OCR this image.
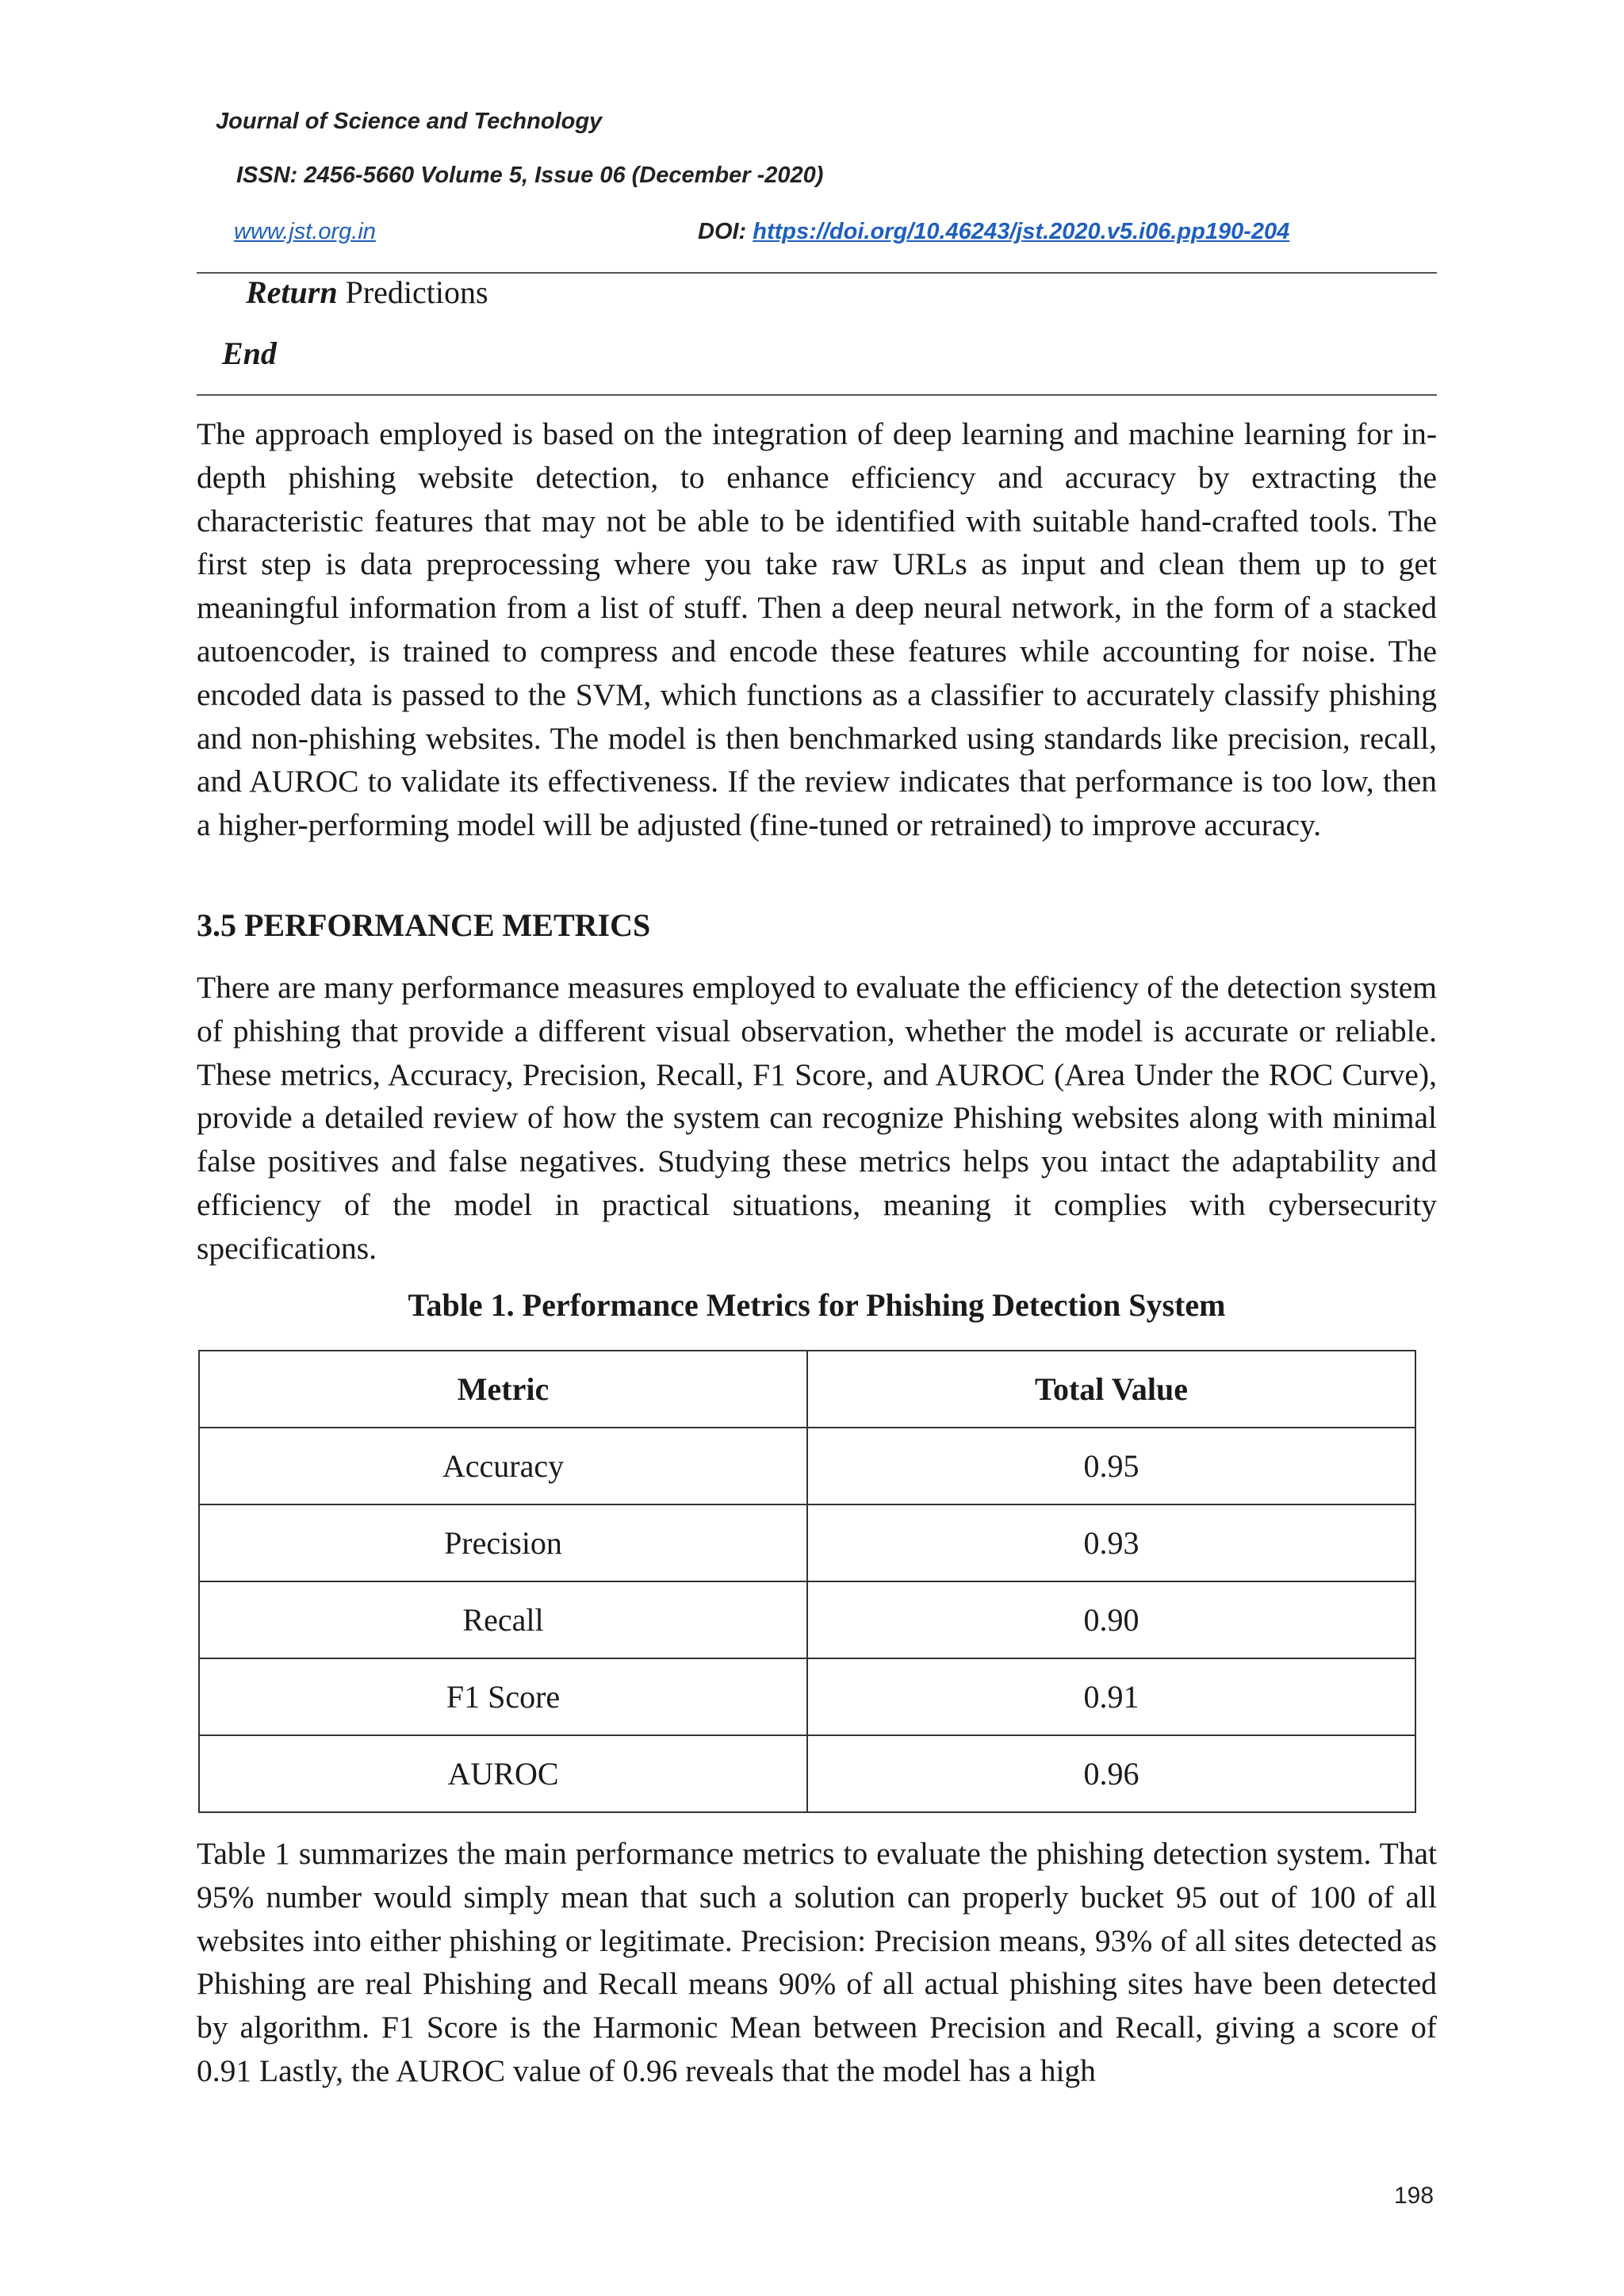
Journal of Science and Technology
ISSN: 2456-5660 Volume 5, Issue 06 (December -2020)
www.jst.org.in	DOI: https://doi.org/10.46243/jst.2020.v5.i06.pp190-204
Return Predictions
End

The approach employed is based on the integration of deep learning and machine learning for in-depth phishing website detection, to enhance efficiency and accuracy by extracting the characteristic features that may not be able to be identified with suitable hand-crafted tools. The first step is data preprocessing where you take raw URLs as input and clean them up to get meaningful information from a list of stuff. Then a deep neural network, in the form of a stacked autoencoder, is trained to compress and encode these features while accounting for noise. The encoded data is passed to the SVM, which functions as a classifier to accurately classify phishing and non-phishing websites. The model is then benchmarked using standards like precision, recall, and AUROC to validate its effectiveness. If the review indicates that performance is too low, then a higher-performing model will be adjusted (fine-tuned or retrained) to improve accuracy.

3.5 PERFORMANCE METRICS

There are many performance measures employed to evaluate the efficiency of the detection system of phishing that provide a different visual observation, whether the model is accurate or reliable. These metrics, Accuracy, Precision, Recall, F1 Score, and AUROC (Area Under the ROC Curve), provide a detailed review of how the system can recognize Phishing websites along with minimal false positives and false negatives. Studying these metrics helps you intact the adaptability and efficiency of the model in practical situations, meaning it complies with cybersecurity specifications.

Table 1. Performance Metrics for Phishing Detection System

Metric	Total Value
Accuracy	0.95
Precision	0.93
Recall	0.90
F1 Score	0.91
AUROC	0.96

Table 1 summarizes the main performance metrics to evaluate the phishing detection system. That 95% number would simply mean that such a solution can properly bucket 95 out of 100 of all websites into either phishing or legitimate. Precision: Precision means, 93% of all sites detected as Phishing are real Phishing and Recall means 90% of all actual phishing sites have been detected by algorithm. F1 Score is the Harmonic Mean between Precision and Recall, giving a score of 0.91 Lastly, the AUROC value of 0.96 reveals that the model has a high

198
